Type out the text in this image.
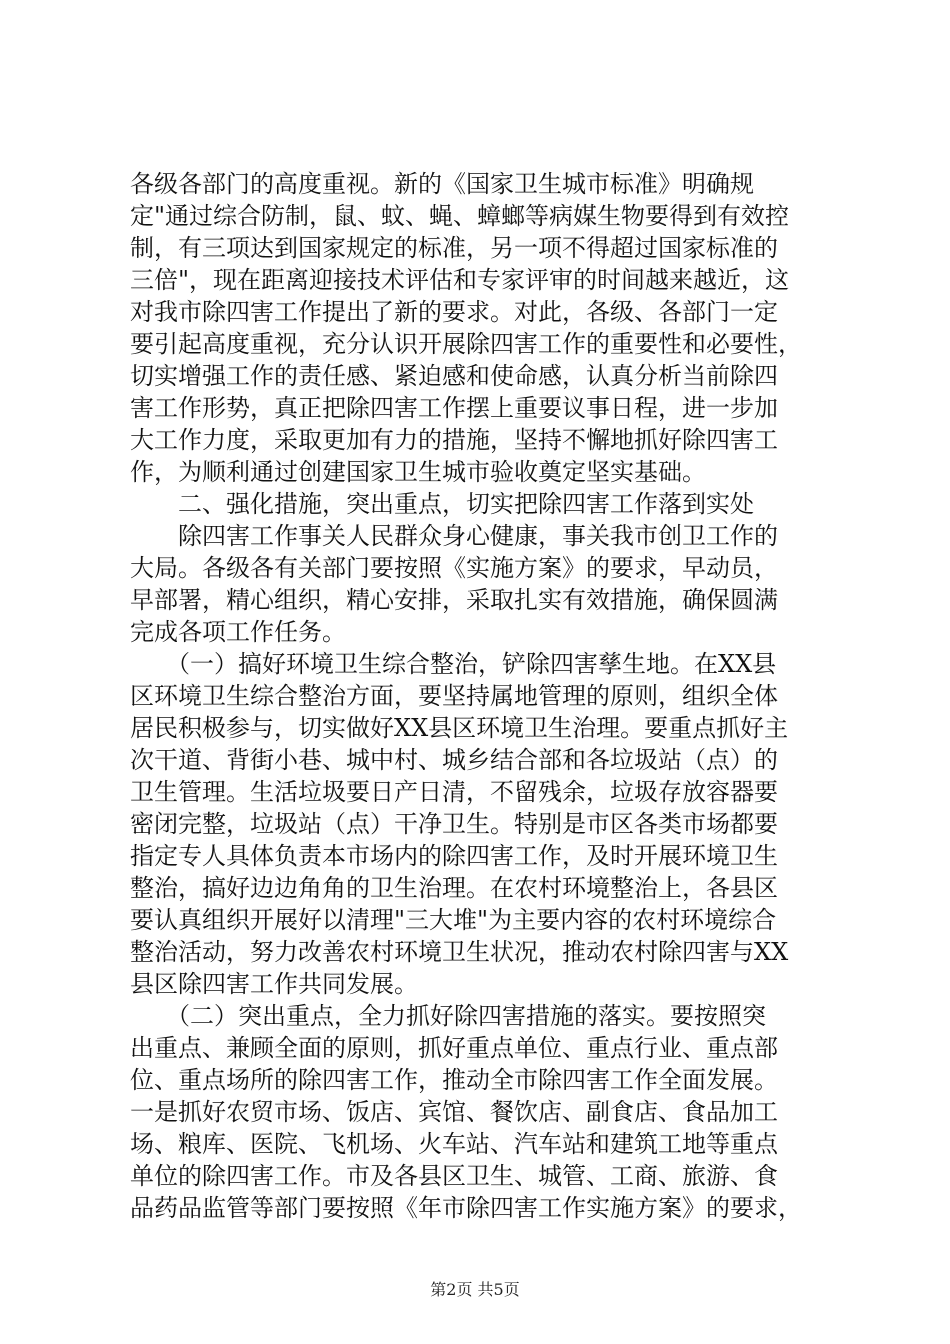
各级各部门的高度重视。新的《国家卫生城市标准》明确规
定"通过综合防制，鼠、蚊、蝇、蟑螂等病媒生物要得到有效控
制，有三项达到国家规定的标准，另一项不得超过国家标准的
三倍"，现在距离迎接技术评估和专家评审的时间越来越近，这
对我市除四害工作提出了新的要求。对此，各级、各部门一定
要引起高度重视，充分认识开展除四害工作的重要性和必要性，
切实增强工作的责任感、紧迫感和使命感，认真分析当前除四
害工作形势，真正把除四害工作摆上重要议事日程，进一步加
大工作力度，采取更加有力的措施，坚持不懈地抓好除四害工
作，为顺利通过创建国家卫生城市验收奠定坚实基础。
　　二、强化措施，突出重点，切实把除四害工作落到实处
　　除四害工作事关人民群众身心健康，事关我市创卫工作的
大局。各级各有关部门要按照《实施方案》的要求，早动员，
早部署，精心组织，精心安排，采取扎实有效措施，确保圆满
完成各项工作任务。
　　（一）搞好环境卫生综合整治，铲除四害孳生地。在XX县
区环境卫生综合整治方面，要坚持属地管理的原则，组织全体
居民积极参与，切实做好XX县区环境卫生治理。要重点抓好主
次干道、背街小巷、城中村、城乡结合部和各垃圾站（点）的
卫生管理。生活垃圾要日产日清，不留残余，垃圾存放容器要
密闭完整，垃圾站（点）干净卫生。特别是市区各类市场都要
指定专人具体负责本市场内的除四害工作，及时开展环境卫生
整治，搞好边边角角的卫生治理。在农村环境整治上，各县区
要认真组织开展好以清理"三大堆"为主要内容的农村环境综合
整治活动，努力改善农村环境卫生状况，推动农村除四害与XX
县区除四害工作共同发展。
　　（二）突出重点，全力抓好除四害措施的落实。要按照突
出重点、兼顾全面的原则，抓好重点单位、重点行业、重点部
位、重点场所的除四害工作，推动全市除四害工作全面发展。
一是抓好农贸市场、饭店、宾馆、餐饮店、副食店、食品加工
场、粮库、医院、飞机场、火车站、汽车站和建筑工地等重点
单位的除四害工作。市及各县区卫生、城管、工商、旅游、食
品药品监管等部门要按照《年市除四害工作实施方案》的要求，
第2页 共5页
